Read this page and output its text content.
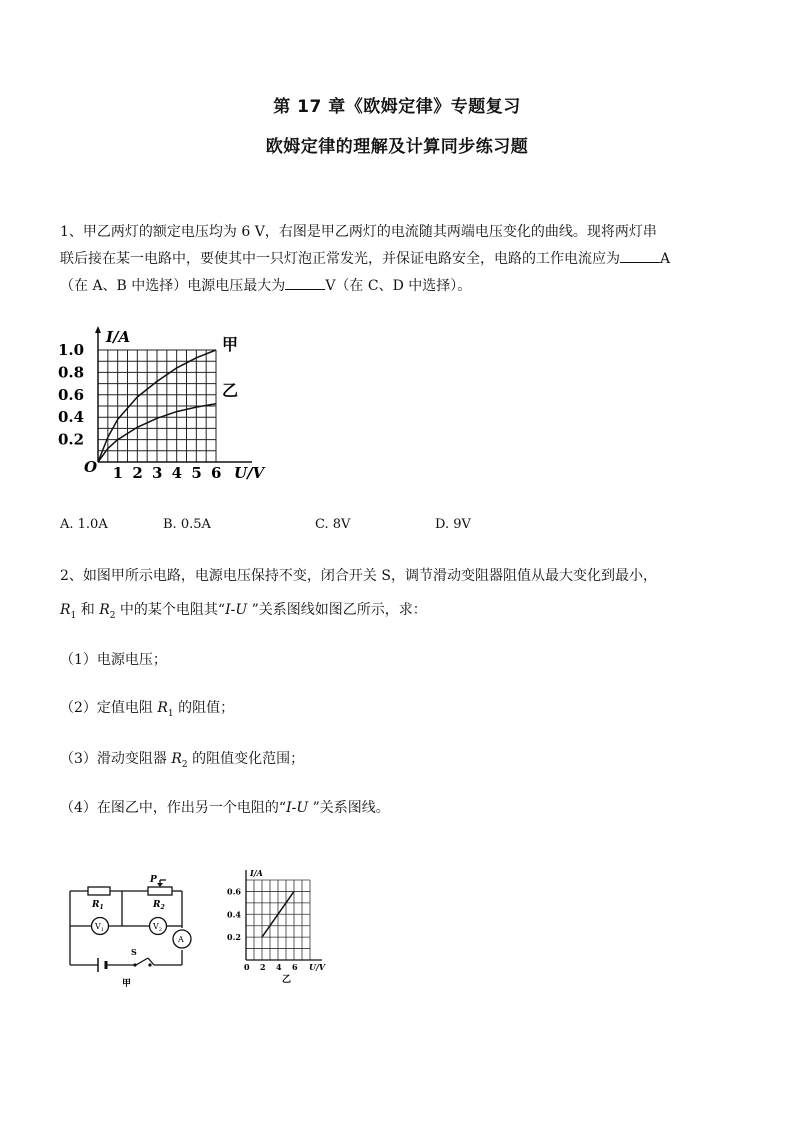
第 17 章《欧姆定律》专题复习
欧姆定律的理解及计算同步练习题
1、甲乙两灯的额定电压均为 6 V，右图是甲乙两灯的电流随其两端电压变化的曲线。现将两灯串
联后接在某一电路中，要使其中一只灯泡正常发光，并保证电路安全，电路的工作电流应为	A
（在 A、B 中选择）电源电压最大为	V（在 C、D 中选择）。
0.2
0.4
0.6
0.8
1.0
1 2 3 4 5 6
O
I/A
U/V
甲
乙
A. 1.0A	B. 0.5A	C. 8V	D. 9V
2、如图甲所示电路，电源电压保持不变，闭合开关 S，调节滑动变阻器阻值从最大变化到最小，
$R_1$ 和 $R_2$ 中的某个电阻其“I-U ”关系图线如图乙所示，求：
（1）电源电压；
（2）定值电阻 $R_1$ 的阻值；
（3）滑动变阻器 $R_2$ 的阻值变化范围；
（4）在图乙中，作出另一个电阻的“I-U ”关系图线。
P
$R_1$	$R_2$
$V_1$	$V_2$
A
S
甲
0.2
0.4
0.6
0 2 4 6
I/A
U/V
乙
